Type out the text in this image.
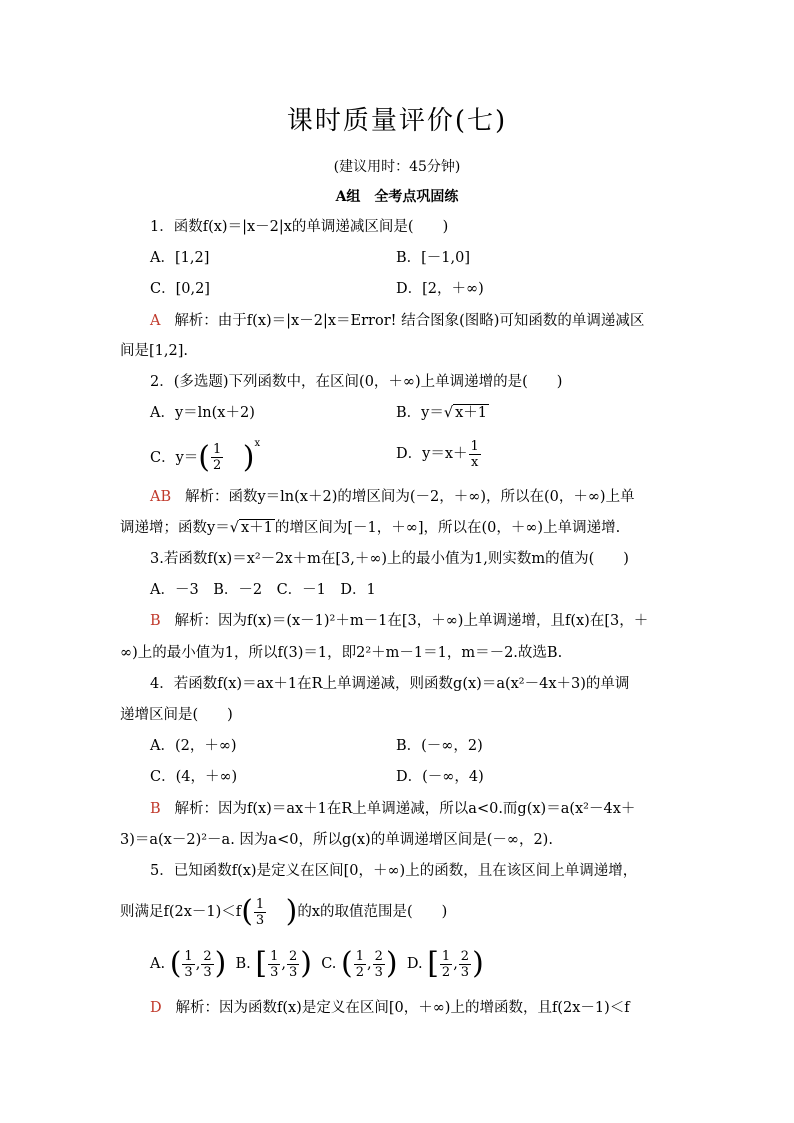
课时质量评价(七)
(建议用时：45分钟)
A组　全考点巩固练
1．函数f(x)＝|x－2|x的单调递减区间是(　　)
A．[1,2]	B．[－1,0]
C．[0,2]	D．[2，＋∞)
A 解析：由于f(x)＝|x－2|x＝Error! 结合图象(图略)可知函数的单调递减区
间是[1,2].
2．(多选题)下列函数中，在区间(0，＋∞)上单调递增的是(　　)
A．y＝ln(x＋2)	B．y＝√ x＋1
C．$y=( \frac{1}{2} )^x$
D．$y=x+ \frac{1}{x}$
AB 解析：函数y＝ln(x＋2)的增区间为(－2，＋∞)，所以在(0，＋∞)上单
调递增；函数y＝√ x＋1 的增区间为[－1，＋∞]，所以在(0，＋∞)上单调递增.
3.若函数f(x)＝x²－2x＋m在[3,＋∞)上的最小值为1,则实数m的值为(　　)
A．－3　B．－2　C．－1　D．1
B 解析：因为f(x)＝(x－1)²＋m－1在[3，＋∞)上单调递增，且f(x)在[3，＋
∞)上的最小值为1，所以f(3)＝1，即2²＋m－1＝1，m＝－2.故选B.
4．若函数f(x)＝ax＋1在R上单调递减，则函数g(x)＝a(x²－4x＋3)的单调
递增区间是(　　)
A．(2，＋∞)	B．(－∞，2)
C．(4，＋∞)	D．(－∞，4)
B 解析：因为f(x)＝ax＋1在R上单调递减，所以a<0.而g(x)＝a(x²－4x＋
3)＝a(x－2)²－a. 因为a<0，所以g(x)的单调递增区间是(－∞，2).
5．已知函数f(x)是定义在区间[0，＋∞)上的函数，且在该区间上单调递增，
则满足$f(2x-1)<f( \frac{1}{3}$ )的x的取值范围是(　　)
A. ( $\frac{1}{3}$ , $\frac{2}{3}$ ) B. [ $\frac{1}{3}$ , $\frac{2}{3}$ ) C. ( $\frac{1}{2}$ , $\frac{2}{3}$ ) D. [ $\frac{1}{2}$ , $\frac{2}{3}$ )
D 解析：因为函数f(x)是定义在区间[0，＋∞)上的增函数，且f(2x－1)＜f
